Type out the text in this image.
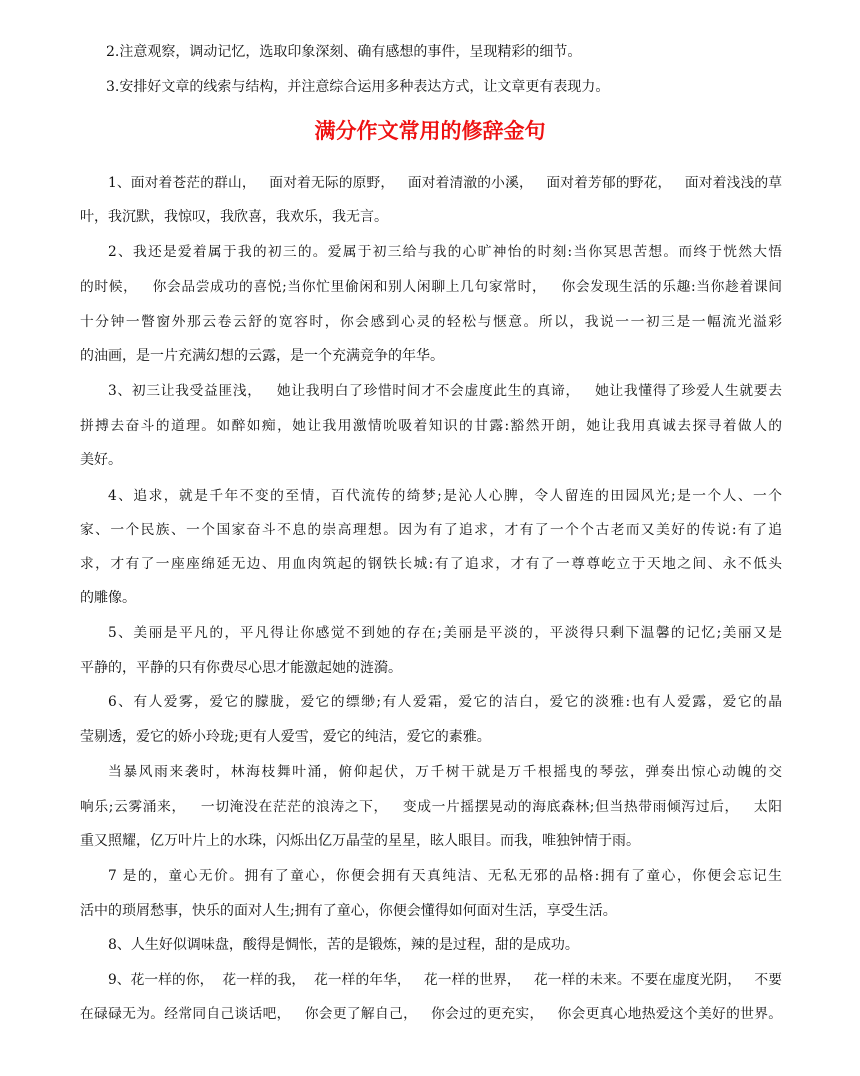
2.注意观察，调动记忆，选取印象深刻、确有感想的事件，呈现精彩的细节。
3.安排好文章的线索与结构，并注意综合运用多种表达方式，让文章更有表现力。
满分作文常用的修辞金句
1、面对着苍茫的群山，   面对着无际的原野，   面对着清澈的小溪，   面对着芳郁的野花，   面对着浅浅的草
叶，我沉默，我惊叹，我欣喜，我欢乐，我无言。
2、我还是爱着属于我的初三的。爱属于初三给与我的心旷神怡的时刻:当你冥思苦想。而终于恍然大悟
的时候，   你会品尝成功的喜悦;当你忙里偷闲和别人闲聊上几句家常时，   你会发现生活的乐趣:当你趁着课间
十分钟一瞥窗外那云卷云舒的宽容时，你会感到心灵的轻松与惬意。所以，我说一一初三是一幅流光溢彩
的油画，是一片充满幻想的云露，是一个充满竞争的年华。
3、初三让我受益匪浅，   她让我明白了珍惜时间才不会虚度此生的真谛，   她让我懂得了珍爱人生就要去
拼搏去奋斗的道理。如醉如痴，她让我用激情吮吸着知识的甘露:豁然开朗，她让我用真诚去探寻着做人的
美好。
4、追求，就是千年不变的至情，百代流传的绮梦;是沁人心脾，令人留连的田园风光;是一个人、一个
家、一个民族、一个国家奋斗不息的崇高理想。因为有了追求，才有了一个个古老而又美好的传说:有了追
求，才有了一座座绵延无边、用血肉筑起的钢铁长城:有了追求，才有了一尊尊屹立于天地之间、永不低头
的雕像。
5、美丽是平凡的，平凡得让你感觉不到她的存在;美丽是平淡的，平淡得只剩下温馨的记忆;美丽又是
平静的，平静的只有你费尽心思才能激起她的涟漪。
6、有人爱雾，爱它的朦胧，爱它的缥缈;有人爱霜，爱它的洁白，爱它的淡雅:也有人爱露，爱它的晶
莹剔透，爱它的娇小玲珑;更有人爱雪，爱它的纯洁，爱它的素雅。
当暴风雨来袭时，林海枝舞叶涌，俯仰起伏，万千树干就是万千根摇曳的琴弦，弹奏出惊心动魄的交
响乐;云雾涌来，   一切淹没在茫茫的浪涛之下，   变成一片摇摆晃动的海底森林;但当热带雨倾泻过后，   太阳
重又照耀，亿万叶片上的水珠，闪烁出亿万晶莹的星星，眩人眼目。而我，唯独钟情于雨。
7 是的，童心无价。拥有了童心，你便会拥有天真纯洁、无私无邪的品格:拥有了童心，你便会忘记生
活中的琐屑愁事，快乐的面对人生;拥有了童心，你便会懂得如何面对生活，享受生活。
8、人生好似调味盘，酸得是惆怅，苦的是锻炼，辣的是过程，甜的是成功。
9、花一样的你，  花一样的我，  花一样的年华，   花一样的世界，   花一样的未来。不要在虚度光阴，   不要
在碌碌无为。经常同自己谈话吧，   你会更了解自己，   你会过的更充实，   你会更真心地热爱这个美好的世界。
